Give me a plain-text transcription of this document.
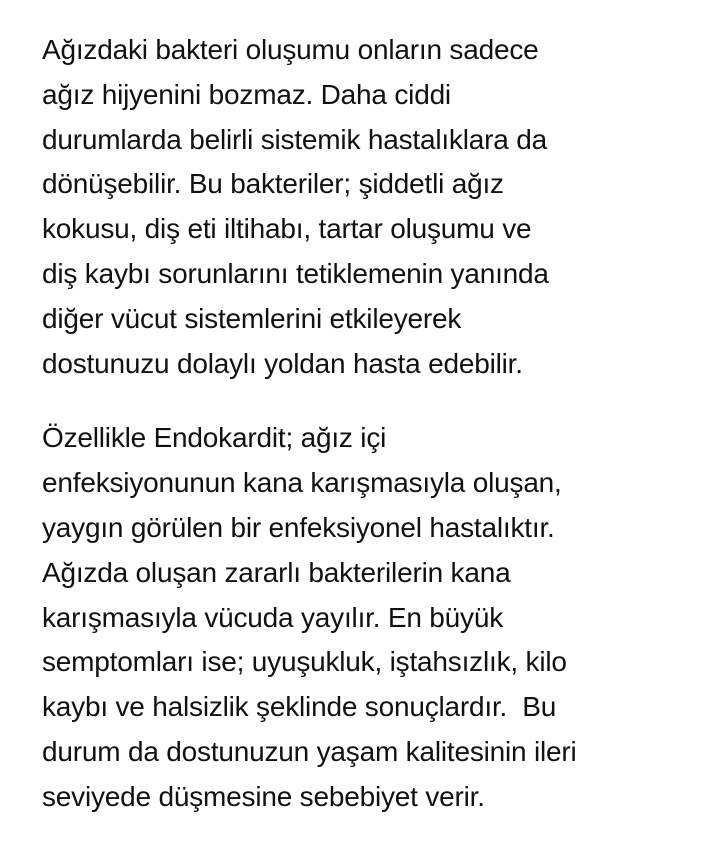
Ağızdaki bakteri oluşumu onların sadece
ağız hijyenini bozmaz. Daha ciddi
durumlarda belirli sistemik hastalıklara da
dönüşebilir. Bu bakteriler; şiddetli ağız
kokusu, diş eti iltihabı, tartar oluşumu ve
diş kaybı sorunlarını tetiklemenin yanında
diğer vücut sistemlerini etkileyerek
dostunuzu dolaylı yoldan hasta edebilir.

Özellikle Endokardit; ağız içi
enfeksiyonunun kana karışmasıyla oluşan,
yaygın görülen bir enfeksiyonel hastalıktır.
Ağızda oluşan zararlı bakterilerin kana
karışmasıyla vücuda yayılır. En büyük
semptomları ise; uyuşukluk, iştahsızlık, kilo
kaybı ve halsizlik şeklinde sonuçlardır.  Bu
durum da dostunuzun yaşam kalitesinin ileri
seviyede düşmesine sebebiyet verir.
